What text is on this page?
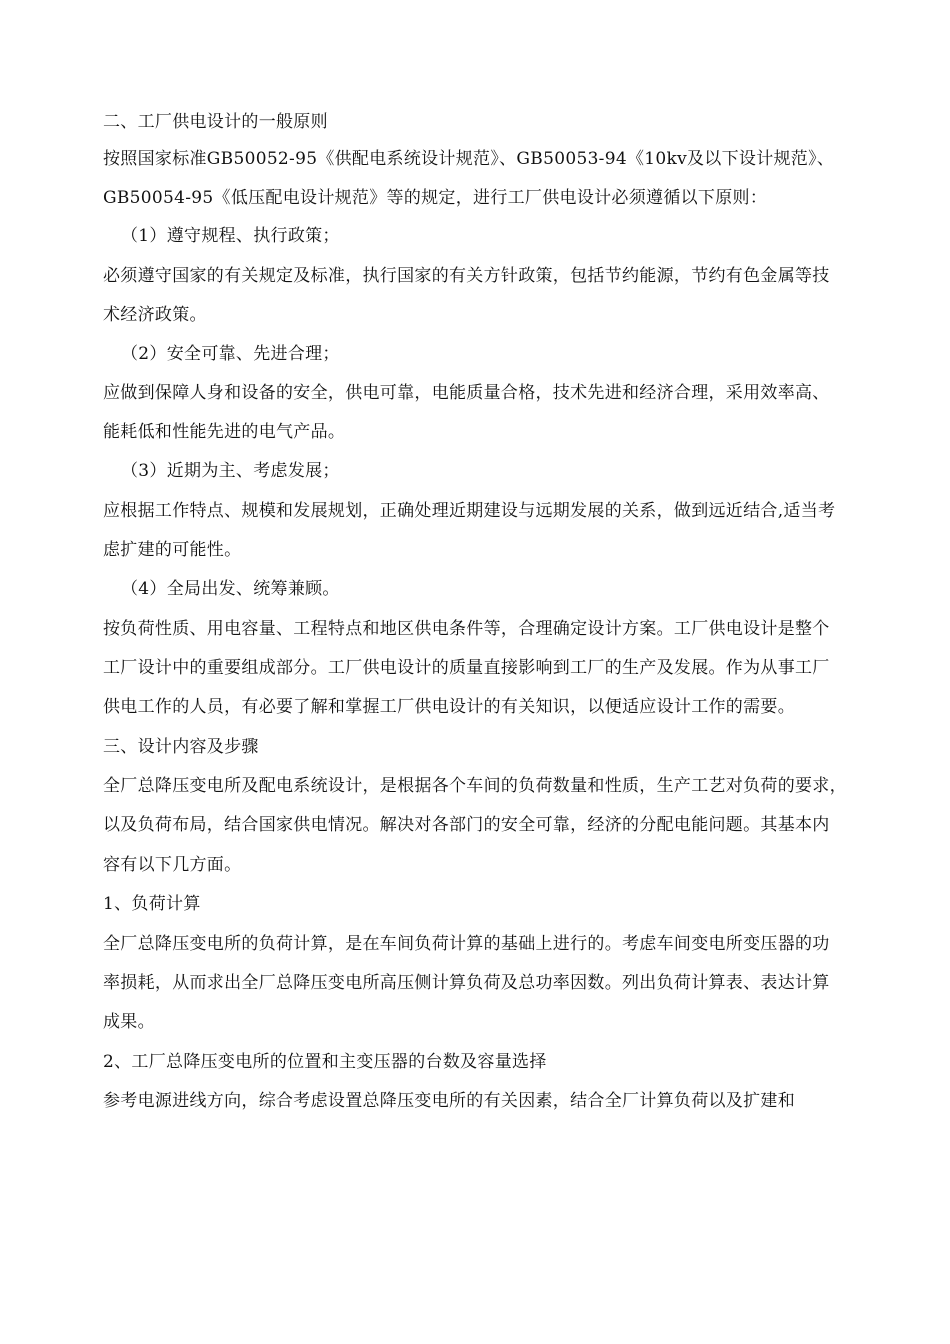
二、工厂供电设计的一般原则
按照国家标准GB50052-95《供配电系统设计规范》、GB50053-94《10kv及以下设计规范》、
GB50054-95《低压配电设计规范》等的规定，进行工厂供电设计必须遵循以下原则：
（1）遵守规程、执行政策；
必须遵守国家的有关规定及标准，执行国家的有关方针政策，包括节约能源，节约有色金属等技
术经济政策。
（2）安全可靠、先进合理；
应做到保障人身和设备的安全，供电可靠，电能质量合格，技术先进和经济合理，采用效率高、
能耗低和性能先进的电气产品。
（3）近期为主、考虑发展；
应根据工作特点、规模和发展规划，正确处理近期建设与远期发展的关系，做到远近结合,适当考
虑扩建的可能性。
（4）全局出发、统筹兼顾。
按负荷性质、用电容量、工程特点和地区供电条件等，合理确定设计方案。工厂供电设计是整个
工厂设计中的重要组成部分。工厂供电设计的质量直接影响到工厂的生产及发展。作为从事工厂
供电工作的人员，有必要了解和掌握工厂供电设计的有关知识，以便适应设计工作的需要。
三、设计内容及步骤
全厂总降压变电所及配电系统设计，是根据各个车间的负荷数量和性质，生产工艺对负荷的要求，
以及负荷布局，结合国家供电情况。解决对各部门的安全可靠，经济的分配电能问题。其基本内
容有以下几方面。
1、负荷计算
全厂总降压变电所的负荷计算，是在车间负荷计算的基础上进行的。考虑车间变电所变压器的功
率损耗，从而求出全厂总降压变电所高压侧计算负荷及总功率因数。列出负荷计算表、表达计算
成果。
2、工厂总降压变电所的位置和主变压器的台数及容量选择
参考电源进线方向，综合考虑设置总降压变电所的有关因素，结合全厂计算负荷以及扩建和
